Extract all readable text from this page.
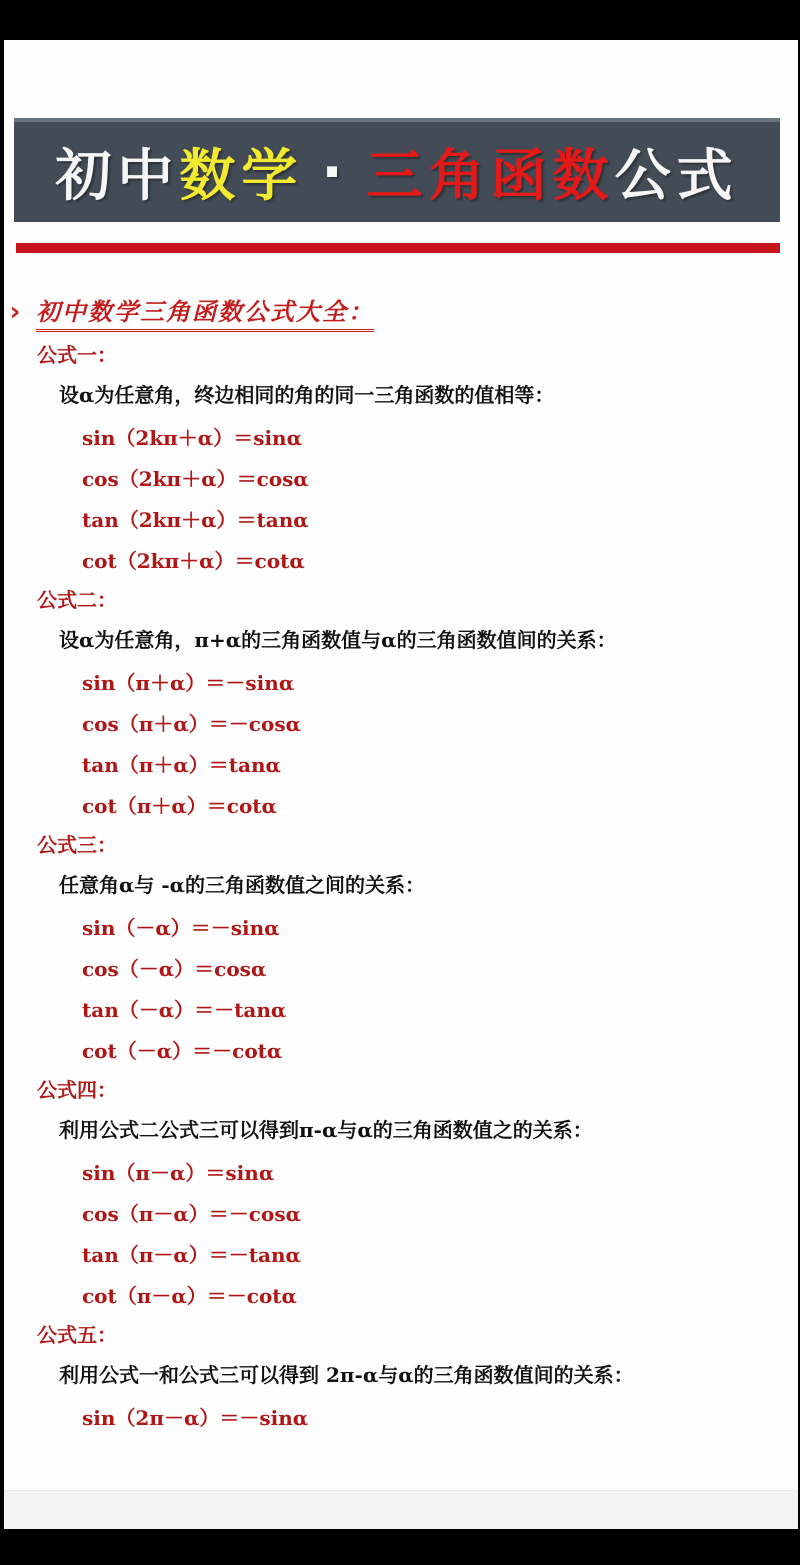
初中 数学 · 三角函数 公式
› 初中数学三角函数公式大全：
公式一：
设α为任意角，终边相同的角的同一三角函数的值相等：
sin（2kπ＋α）＝sinα
cos（2kπ＋α）＝cosα
tan（2kπ＋α）＝tanα
cot（2kπ＋α）＝cotα
公式二：
设α为任意角，π+α的三角函数值与α的三角函数值间的关系：
sin（π＋α）＝－sinα
cos（π＋α）＝－cosα
tan（π＋α）＝tanα
cot（π＋α）＝cotα
公式三：
任意角α与 -α的三角函数值之间的关系：
sin（－α）＝－sinα
cos（－α）＝cosα
tan（－α）＝－tanα
cot（－α）＝－cotα
公式四：
利用公式二公式三可以得到π-α与α的三角函数值之的关系：
sin（π－α）＝sinα
cos（π－α）＝－cosα
tan（π－α）＝－tanα
cot（π－α）＝－cotα
公式五：
利用公式一和公式三可以得到 2π-α与α的三角函数值间的关系：
sin（2π－α）＝－sinα
